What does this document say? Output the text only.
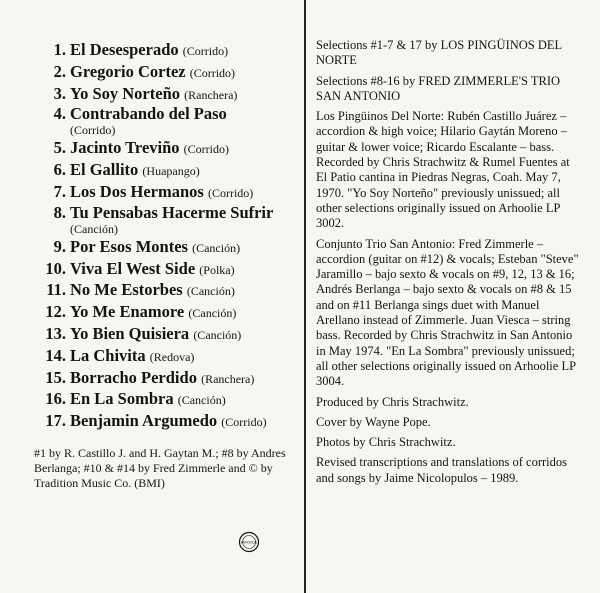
1. El Desesperado (Corrido)
2. Gregorio Cortez (Corrido)
3. Yo Soy Norteño (Ranchera)
4. Contrabando del Paso
(Corrido)
5. Jacinto Treviño (Corrido)
6. El Gallito (Huapango)
7. Los Dos Hermanos (Corrido)
8. Tu Pensabas Hacerme Sufrir
(Canción)
9. Por Esos Montes (Canción)
10. Viva El West Side (Polka)
11. No Me Estorbes (Canción)
12. Yo Me Enamore (Canción)
13. Yo Bien Quisiera (Canción)
14. La Chivita (Redova)
15. Borracho Perdido (Ranchera)
16. En La Sombra (Canción)
17. Benjamin Argumedo (Corrido)

#1 by R. Castillo J. and H. Gaytan M.; #8 by Andres Berlanga; #10 & #14 by Fred Zimmerle and © by Tradition Music Co. (BMI)

ARHOOLIE

Selections #1-7 & 17 by LOS PINGÜINOS DEL NORTE

Selections #8-16 by FRED ZIMMERLE'S TRIO SAN ANTONIO

Los Pingüinos Del Norte: Rubén Castillo Juárez – accordion & high voice; Hilario Gaytán Moreno – guitar & lower voice; Ricardo Escalante – bass. Recorded by Chris Strachwitz & Rumel Fuentes at El Patio cantina in Piedras Negras, Coah. May 7, 1970. "Yo Soy Norteño" previously unissued; all other selections originally issued on Arhoolie LP 3002.

Conjunto Trio San Antonio: Fred Zimmerle – accordion (guitar on #12) & vocals; Esteban "Steve" Jaramillo – bajo sexto & vocals on #9, 12, 13 & 16; Andrés Berlanga – bajo sexto & vocals on #8 & 15 and on #11 Berlanga sings duet with Manuel Arellano instead of Zimmerle. Juan Viesca – string bass. Recorded by Chris Strachwitz in San Antonio in May 1974. "En La Sombra" previously unissued; all other selections originally issued on Arhoolie LP 3004.

Produced by Chris Strachwitz.

Cover by Wayne Pope.

Photos by Chris Strachwitz.

Revised transcriptions and translations of corridos and songs by Jaime Nicolopulos – 1989.
